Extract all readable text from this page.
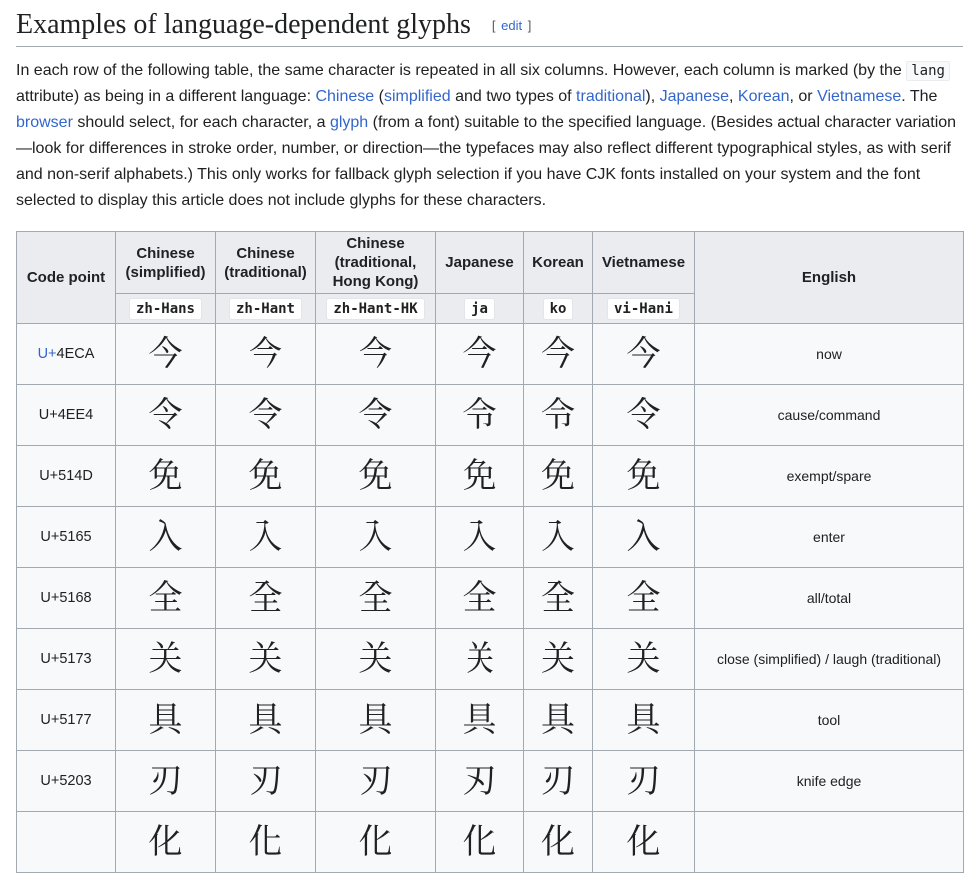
Examples of language-dependent glyphs [ edit ]

In each row of the following table, the same character is repeated in all six columns. However, each column is marked (by the lang attribute) as being in a different language: Chinese (simplified and two types of traditional), Japanese, Korean, or Vietnamese. The browser should select, for each character, a glyph (from a font) suitable to the specified language. (Besides actual character variation—look for differences in stroke order, number, or direction—the typefaces may also reflect different typographical styles, as with serif and non-serif alphabets.) This only works for fallback glyph selection if you have CJK fonts installed on your system and the font selected to display this article does not include glyphs for these characters.

Code point	Chinese (simplified)	Chinese (traditional)	Chinese (traditional, Hong Kong)	Japanese	Korean	Vietnamese	English
	zh-Hans	zh-Hant	zh-Hant-HK	ja	ko	vi-Hani	
U+4ECA	今	今	今	今	今	今	now
U+4EE4	令	令	令	令	令	令	cause/command
U+514D	免	免	免	免	免	免	exempt/spare
U+5165	入	入	入	入	入	入	enter
U+5168	全	全	全	全	全	全	all/total
U+5173	关	关	关	关	关	关	close (simplified) / laugh (traditional)
U+5177	具	具	具	具	具	具	tool
U+5203	刃	刃	刃	刃	刃	刃	knife edge
	化	化	化	化	化	化	
